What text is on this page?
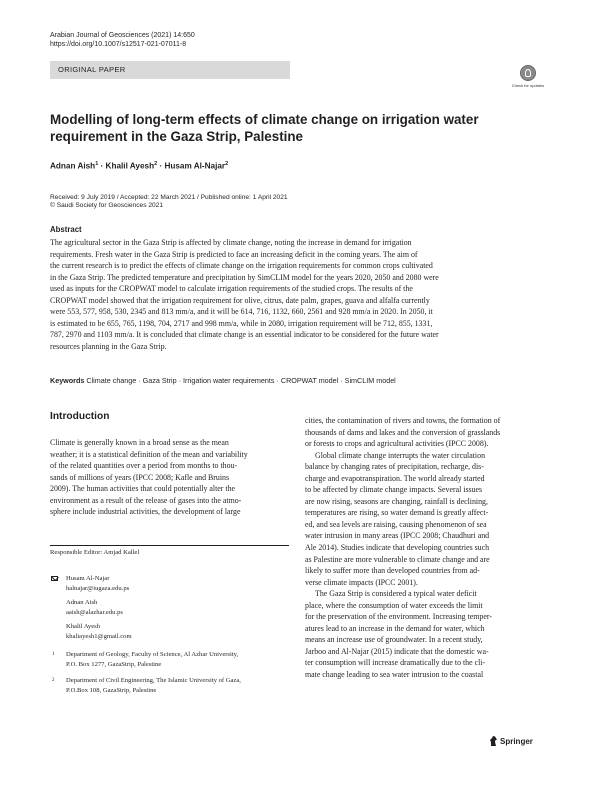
Arabian Journal of Geosciences (2021) 14:650
https://doi.org/10.1007/s12517-021-07011-8
ORIGINAL PAPER
Check for updates
Modelling of long-term effects of climate change on irrigation water
requirement in the Gaza Strip, Palestine
Adnan Aish$^1$ · Khalil Ayesh$^2$ · Husam Al-Najar$^2$
Received: 9 July 2019 / Accepted: 22 March 2021 / Published online: 1 April 2021
© Saudi Society for Geosciences 2021
Abstract
The agricultural sector in the Gaza Strip is affected by climate change, noting the increase in demand for irrigation
requirements. Fresh water in the Gaza Strip is predicted to face an increasing deficit in the coming years. The aim of
the current research is to predict the effects of climate change on the irrigation requirements for common crops cultivated
in the Gaza Strip. The predicted temperature and precipitation by SimCLIM model for the years 2020, 2050 and 2080 were
used as inputs for the CROPWAT model to calculate irrigation requirements of the studied crops. The results of the
CROPWAT model showed that the irrigation requirement for olive, citrus, date palm, grapes, guava and alfalfa currently
were 553, 577, 958, 530, 2345 and 813 mm/a, and it will be 614, 716, 1132, 660, 2561 and 928 mm/a in 2020. In 2050, it
is estimated to be 655, 765, 1198, 704, 2717 and 998 mm/a, while in 2080, irrigation requirement will be 712, 855, 1331,
787, 2970 and 1103 mm/a. It is concluded that climate change is an essential indicator to be considered for the future water
resources planning in the Gaza Strip.
Keywords Climate change · Gaza Strip · Irrigation water requirements · CROPWAT model · SimCLIM model
Introduction
Climate is generally known in a broad sense as the mean
weather; it is a statistical definition of the mean and variability
of the related quantities over a period from months to thou-
sands of millions of years (IPCC 2008; Kafle and Bruins
2009). The human activities that could potentially alter the
environment as a result of the release of gases into the atmo-
sphere include industrial activities, the development of large
cities, the contamination of rivers and towns, the formation of
thousands of dams and lakes and the conversion of grasslands
or forests to crops and agricultural activities (IPCC 2008).
Global climate change interrupts the water circulation
balance by changing rates of precipitation, recharge, dis-
charge and evapotranspiration. The world already started
to be affected by climate change impacts. Several issues
are now rising, seasons are changing, rainfall is declining,
temperatures are rising, so water demand is greatly affect-
ed, and sea levels are raising, causing phenomenon of sea
water intrusion in many areas (IPCC 2008; Chaudhuri and
Ale 2014). Studies indicate that developing countries such
as Palestine are more vulnerable to climate change and are
likely to suffer more than developed countries from ad-
verse climate impacts (IPCC 2001).
The Gaza Strip is considered a typical water deficit
place, where the consumption of water exceeds the limit
for the preservation of the environment. Increasing temper-
atures lead to an increase in the demand for water, which
means an increase use of groundwater. In a recent study,
Jarboo and Al-Najar (2015) indicate that the domestic wa-
ter consumption will increase dramatically due to the cli-
mate change leading to sea water intrusion to the coastal
Responsible Editor: Amjad Kallel
Husam Al-Najar
halnajar@iugaza.edu.ps
Adnan Aish
aaish@alazhar.edu.ps
Khalil Ayesh
khaliayesh1@gmail.com
1 Department of Geology, Faculty of Science, Al Azhar University,
P.O. Box 1277, GazaStrip, Palestine
2 Department of Civil Engineering, The Islamic University of Gaza,
P.O.Box 108, GazaStrip, Palestine
Springer
